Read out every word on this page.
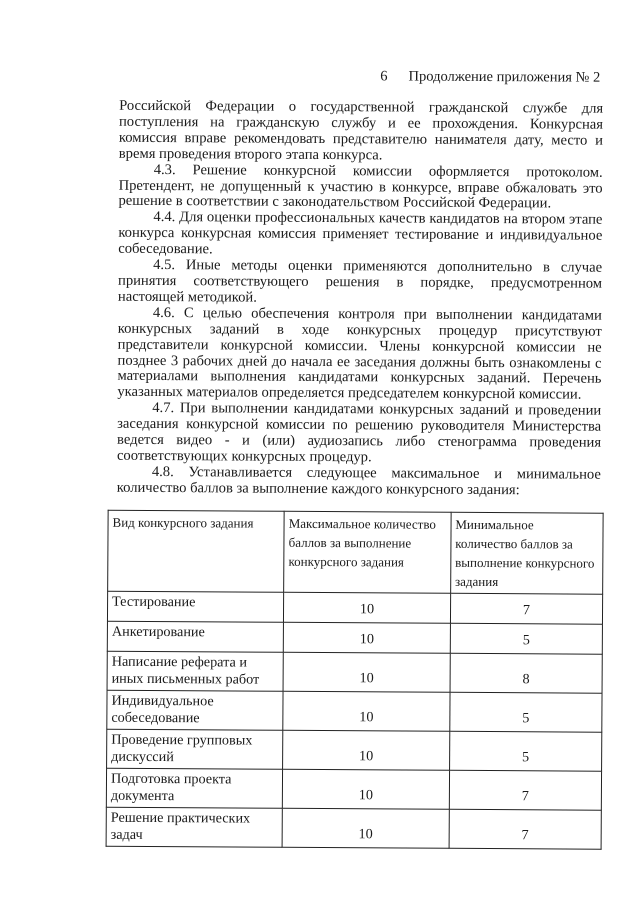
6 Продолжение приложения № 2

Российской Федерации о государственной гражданской службе для поступления на гражданскую службу и ее прохождения. Конкурсная комиссия вправе рекомендовать представителю нанимателя дату, место и время проведения второго этапа конкурса.

4.3. Решение конкурсной комиссии оформляется протоколом. Претендент, не допущенный к участию в конкурсе, вправе обжаловать это решение в соответствии с законодательством Российской Федерации.

4.4. Для оценки профессиональных качеств кандидатов на втором этапе конкурса конкурсная комиссия применяет тестирование и индивидуальное собеседование.

4.5. Иные методы оценки применяются дополнительно в случае принятия соответствующего решения в порядке, предусмотренном настоящей методикой.

4.6. С целью обеспечения контроля при выполнении кандидатами конкурсных заданий в ходе конкурсных процедур присутствуют представители конкурсной комиссии. Члены конкурсной комиссии не позднее 3 рабочих дней до начала ее заседания должны быть ознакомлены с материалами выполнения кандидатами конкурсных заданий. Перечень указанных материалов определяется председателем конкурсной комиссии.

4.7. При выполнении кандидатами конкурсных заданий и проведении заседания конкурсной комиссии по решению руководителя Министерства ведется видео - и (или) аудиозапись либо стенограмма проведения соответствующих конкурсных процедур.

4.8. Устанавливается следующее максимальное и минимальное количество баллов за выполнение каждого конкурсного задания:

Вид конкурсного задания	Максимальное количество баллов за выполнение конкурсного задания	Минимальное количество баллов за выполнение конкурсного задания
Тестирование	10	7
Анкетирование	10	5
Написание реферата и иных письменных работ	10	8
Индивидуальное собеседование	10	5
Проведение групповых дискуссий	10	5
Подготовка проекта документа	10	7
Решение практических задач	10	7
